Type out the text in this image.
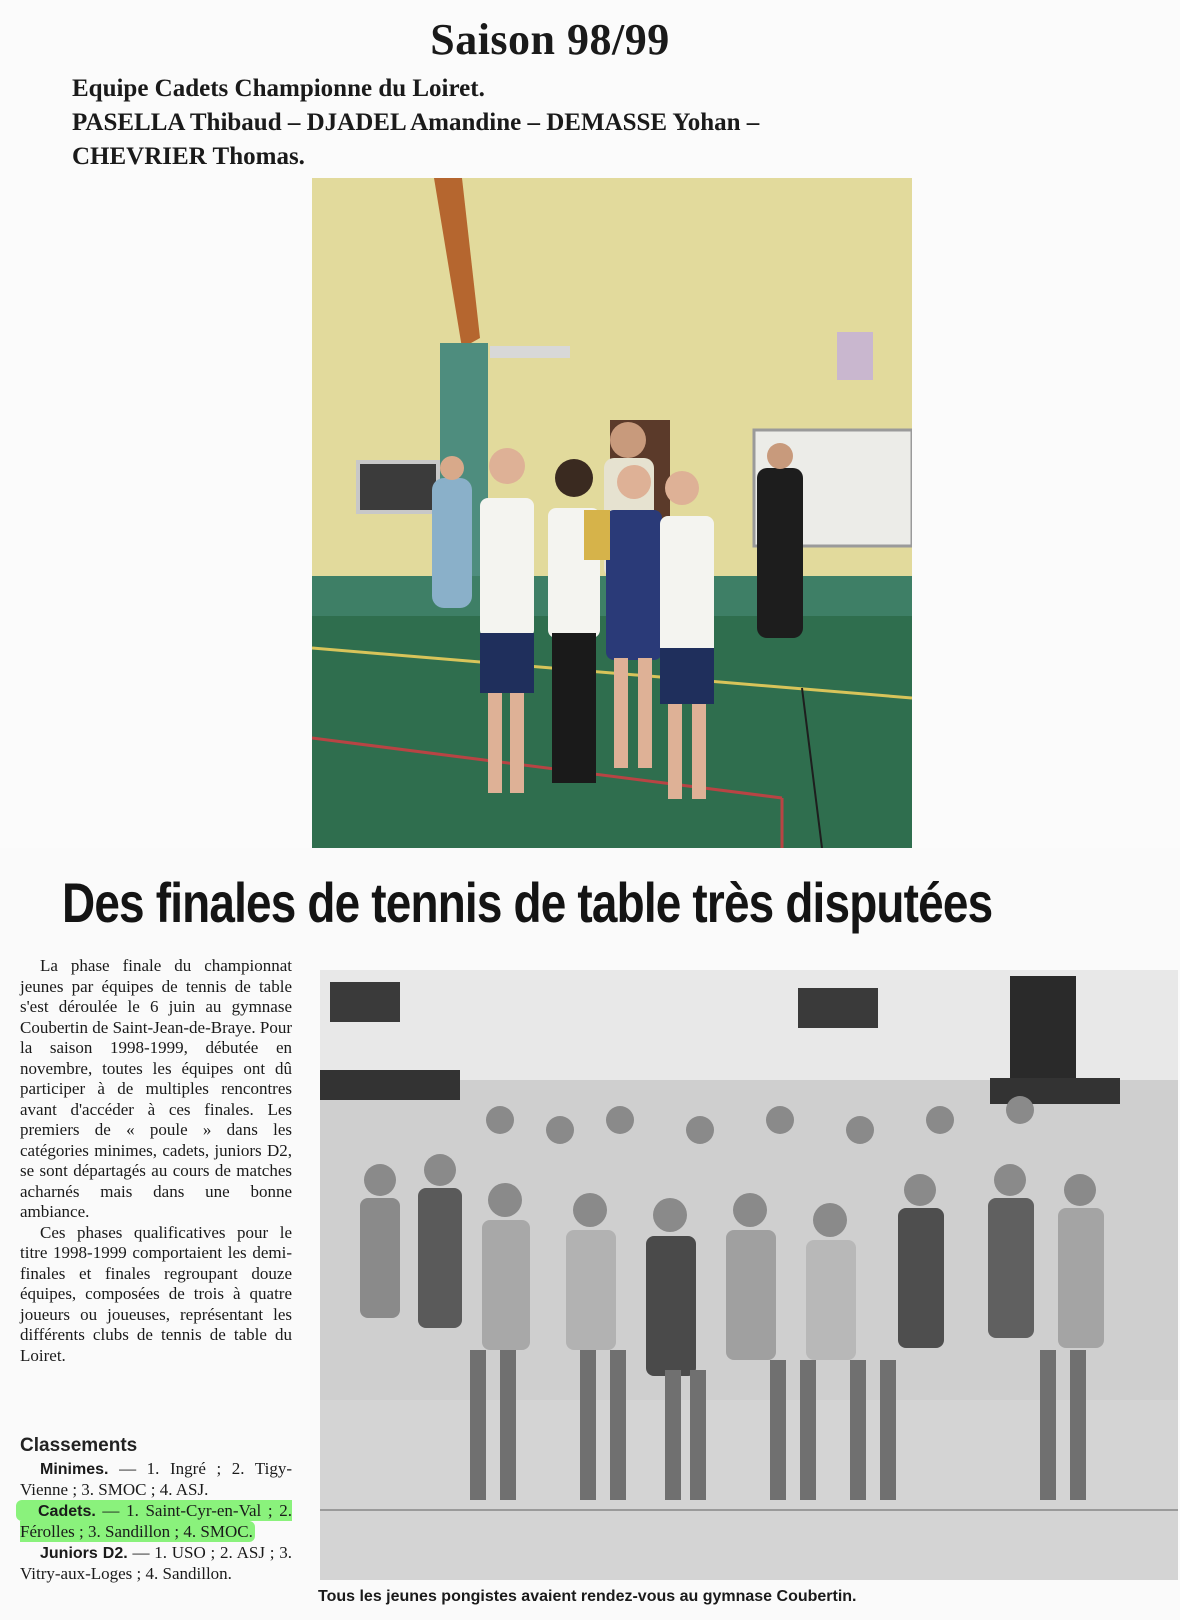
Saison 98/99
Equipe Cadets Championne du Loiret.
PASELLA Thibaud – DJADEL Amandine – DEMASSE Yohan –
CHEVRIER Thomas.
Des finales de tennis de table très disputées

La phase finale du championnat jeunes par équipes de tennis de table s'est déroulée le 6 juin au gymnase Coubertin de Saint-Jean-de-Braye. Pour la saison 1998-1999, débutée en novembre, toutes les équipes ont dû participer à de multiples rencontres avant d'accéder à ces finales. Les premiers de « poule » dans les catégories minimes, cadets, juniors D2, se sont départagés au cours de matches acharnés mais dans une bonne ambiance.

Ces phases qualificatives pour le titre 1998-1999 comportaient les demi-finales et finales regroupant douze équipes, composées de trois à quatre joueurs ou joueuses, représentant les différents clubs de tennis de table du Loiret.

Classements
Minimes. — 1. Ingré ; 2. Tigy-Vienne ; 3. SMOC ; 4. ASJ.
Cadets. — 1. Saint-Cyr-en-Val ; 2. Férolles ; 3. Sandillon ; 4. SMOC.
Juniors D2. — 1. USO ; 2. ASJ ; 3. Vitry-aux-Loges ; 4. Sandillon.
Tous les jeunes pongistes avaient rendez-vous au gymnase Coubertin.
